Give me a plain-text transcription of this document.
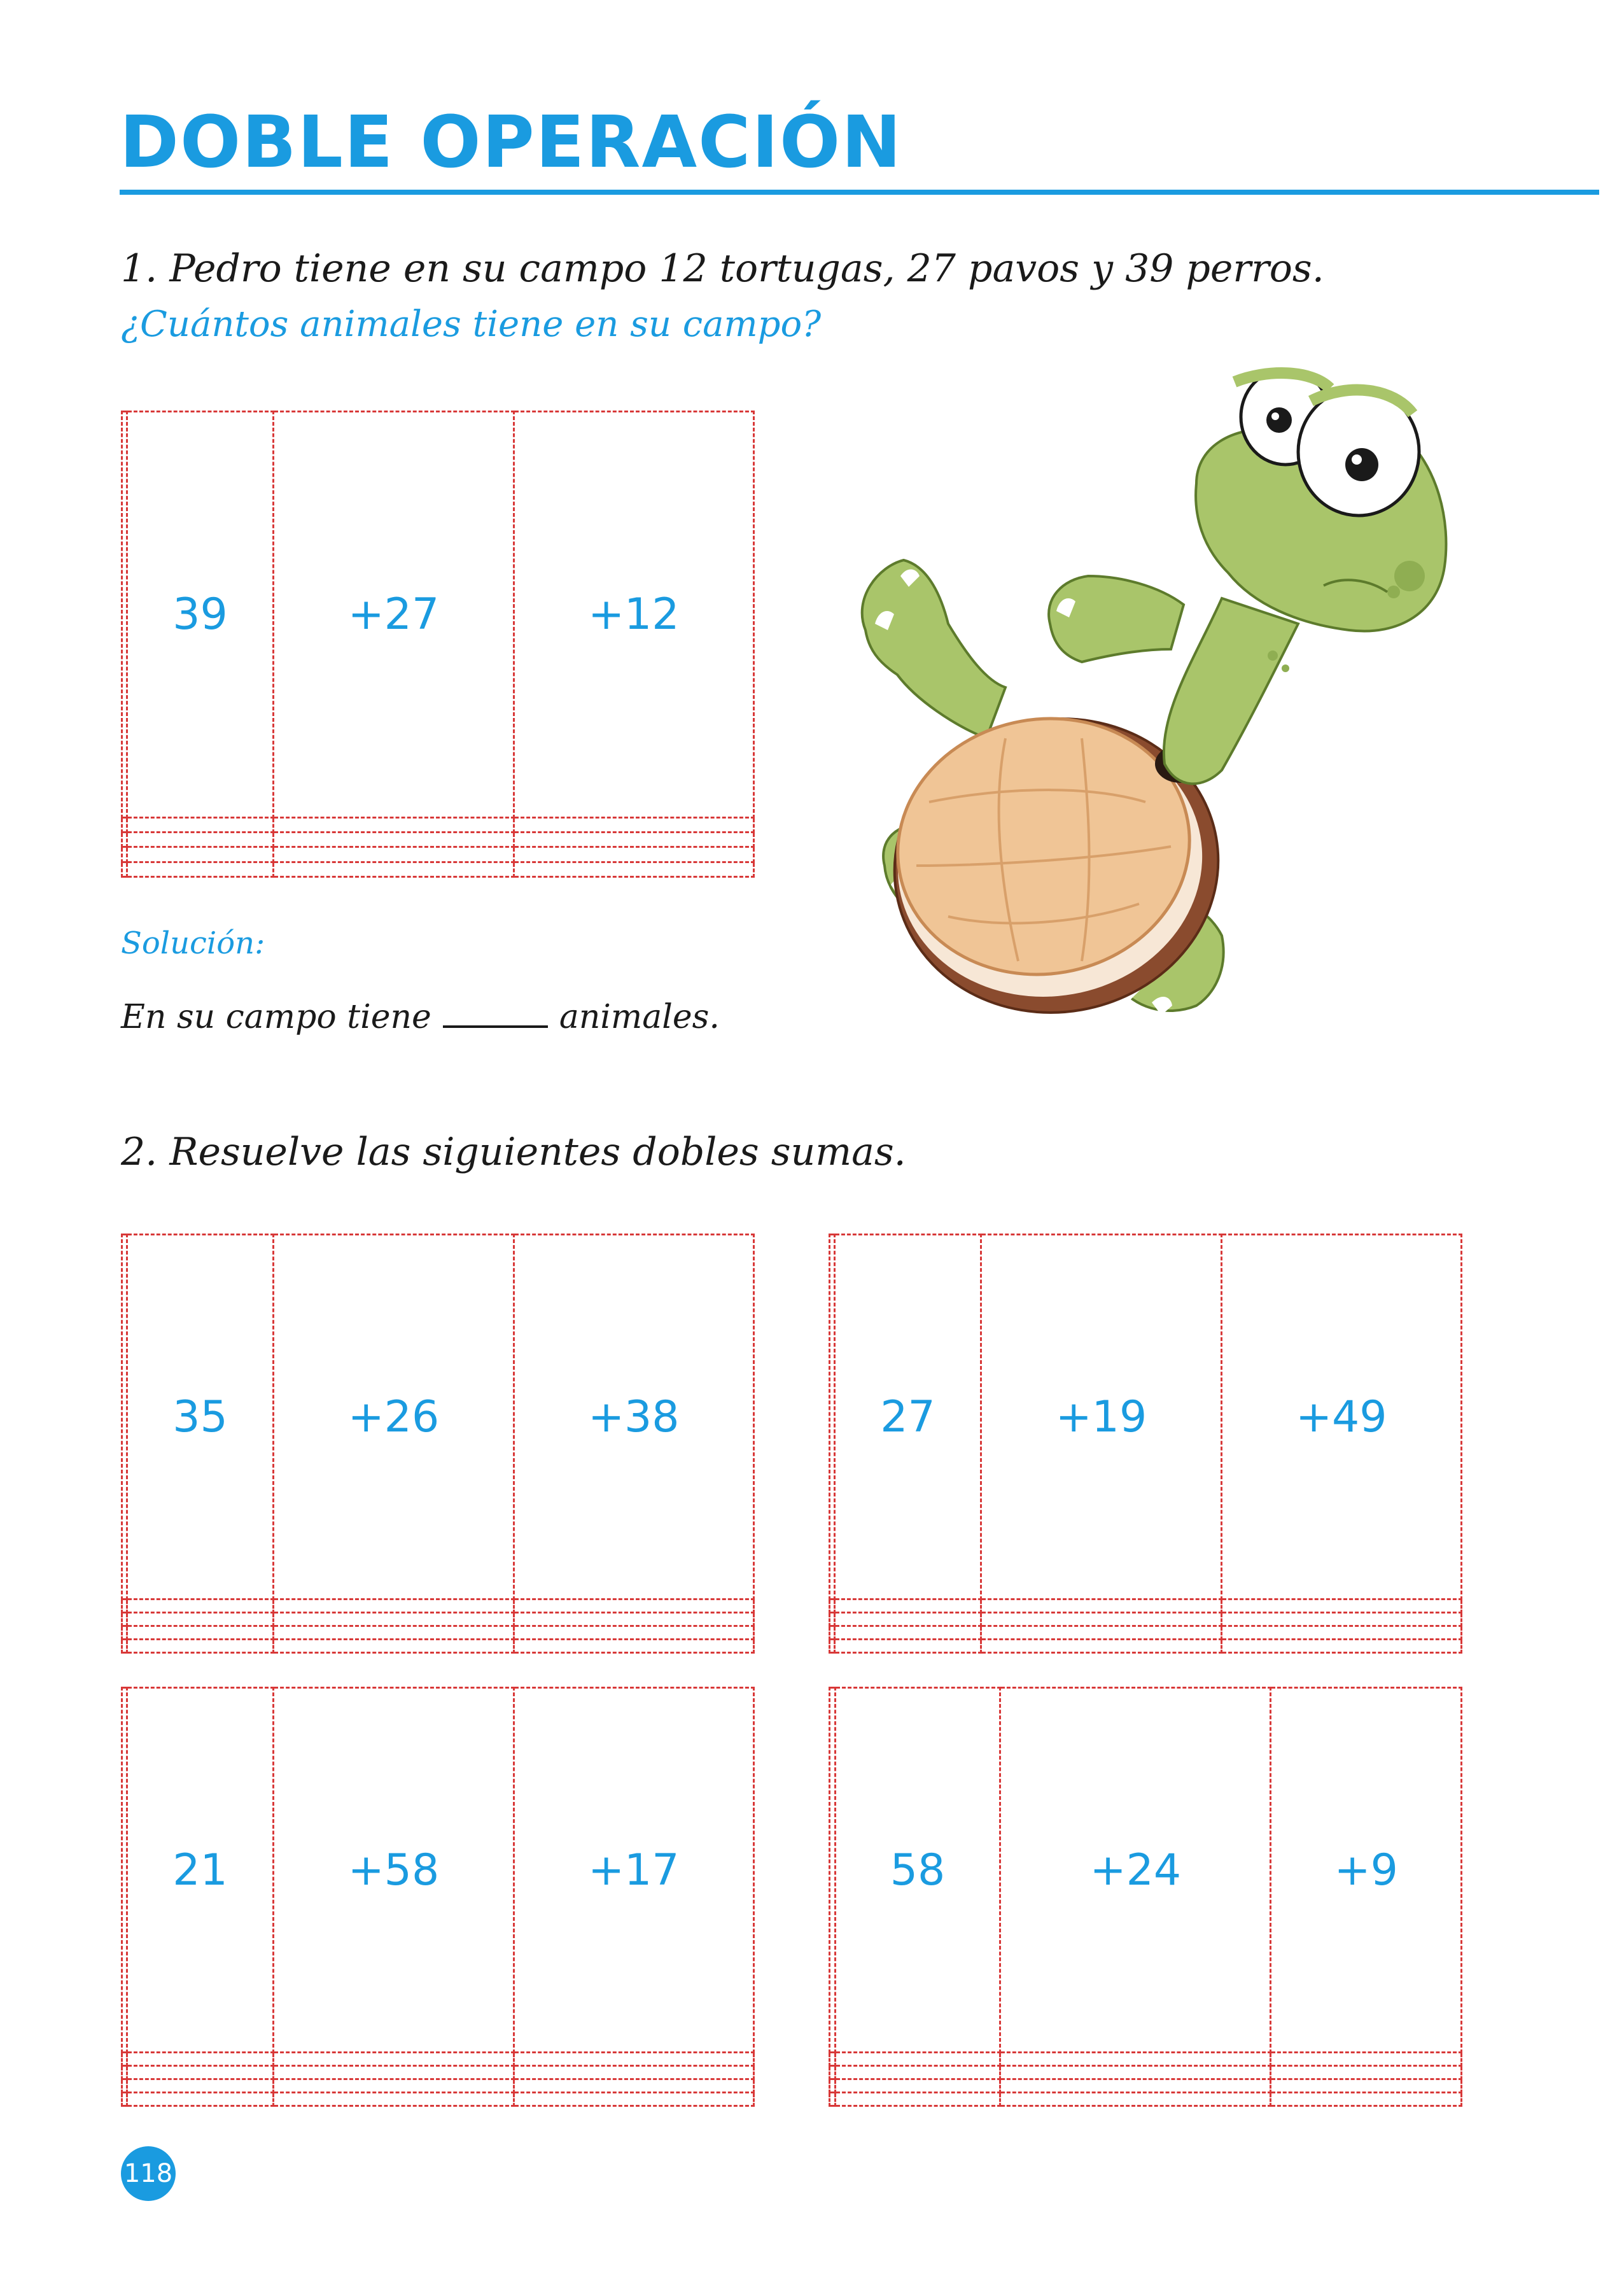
DOBLE OPERACIÓN
1. Pedro tiene en su campo 12 tortugas, 27 pavos y 39 perros.
¿Cuántos animales tiene en su campo?
	39	+27	+12

Solución:
En su campo tiene	animales.
2. Resuelve las siguientes dobles sumas.
	35	+26	+38

		27	+19	+49

	21	+58	+17

		58	+24	+9

118
